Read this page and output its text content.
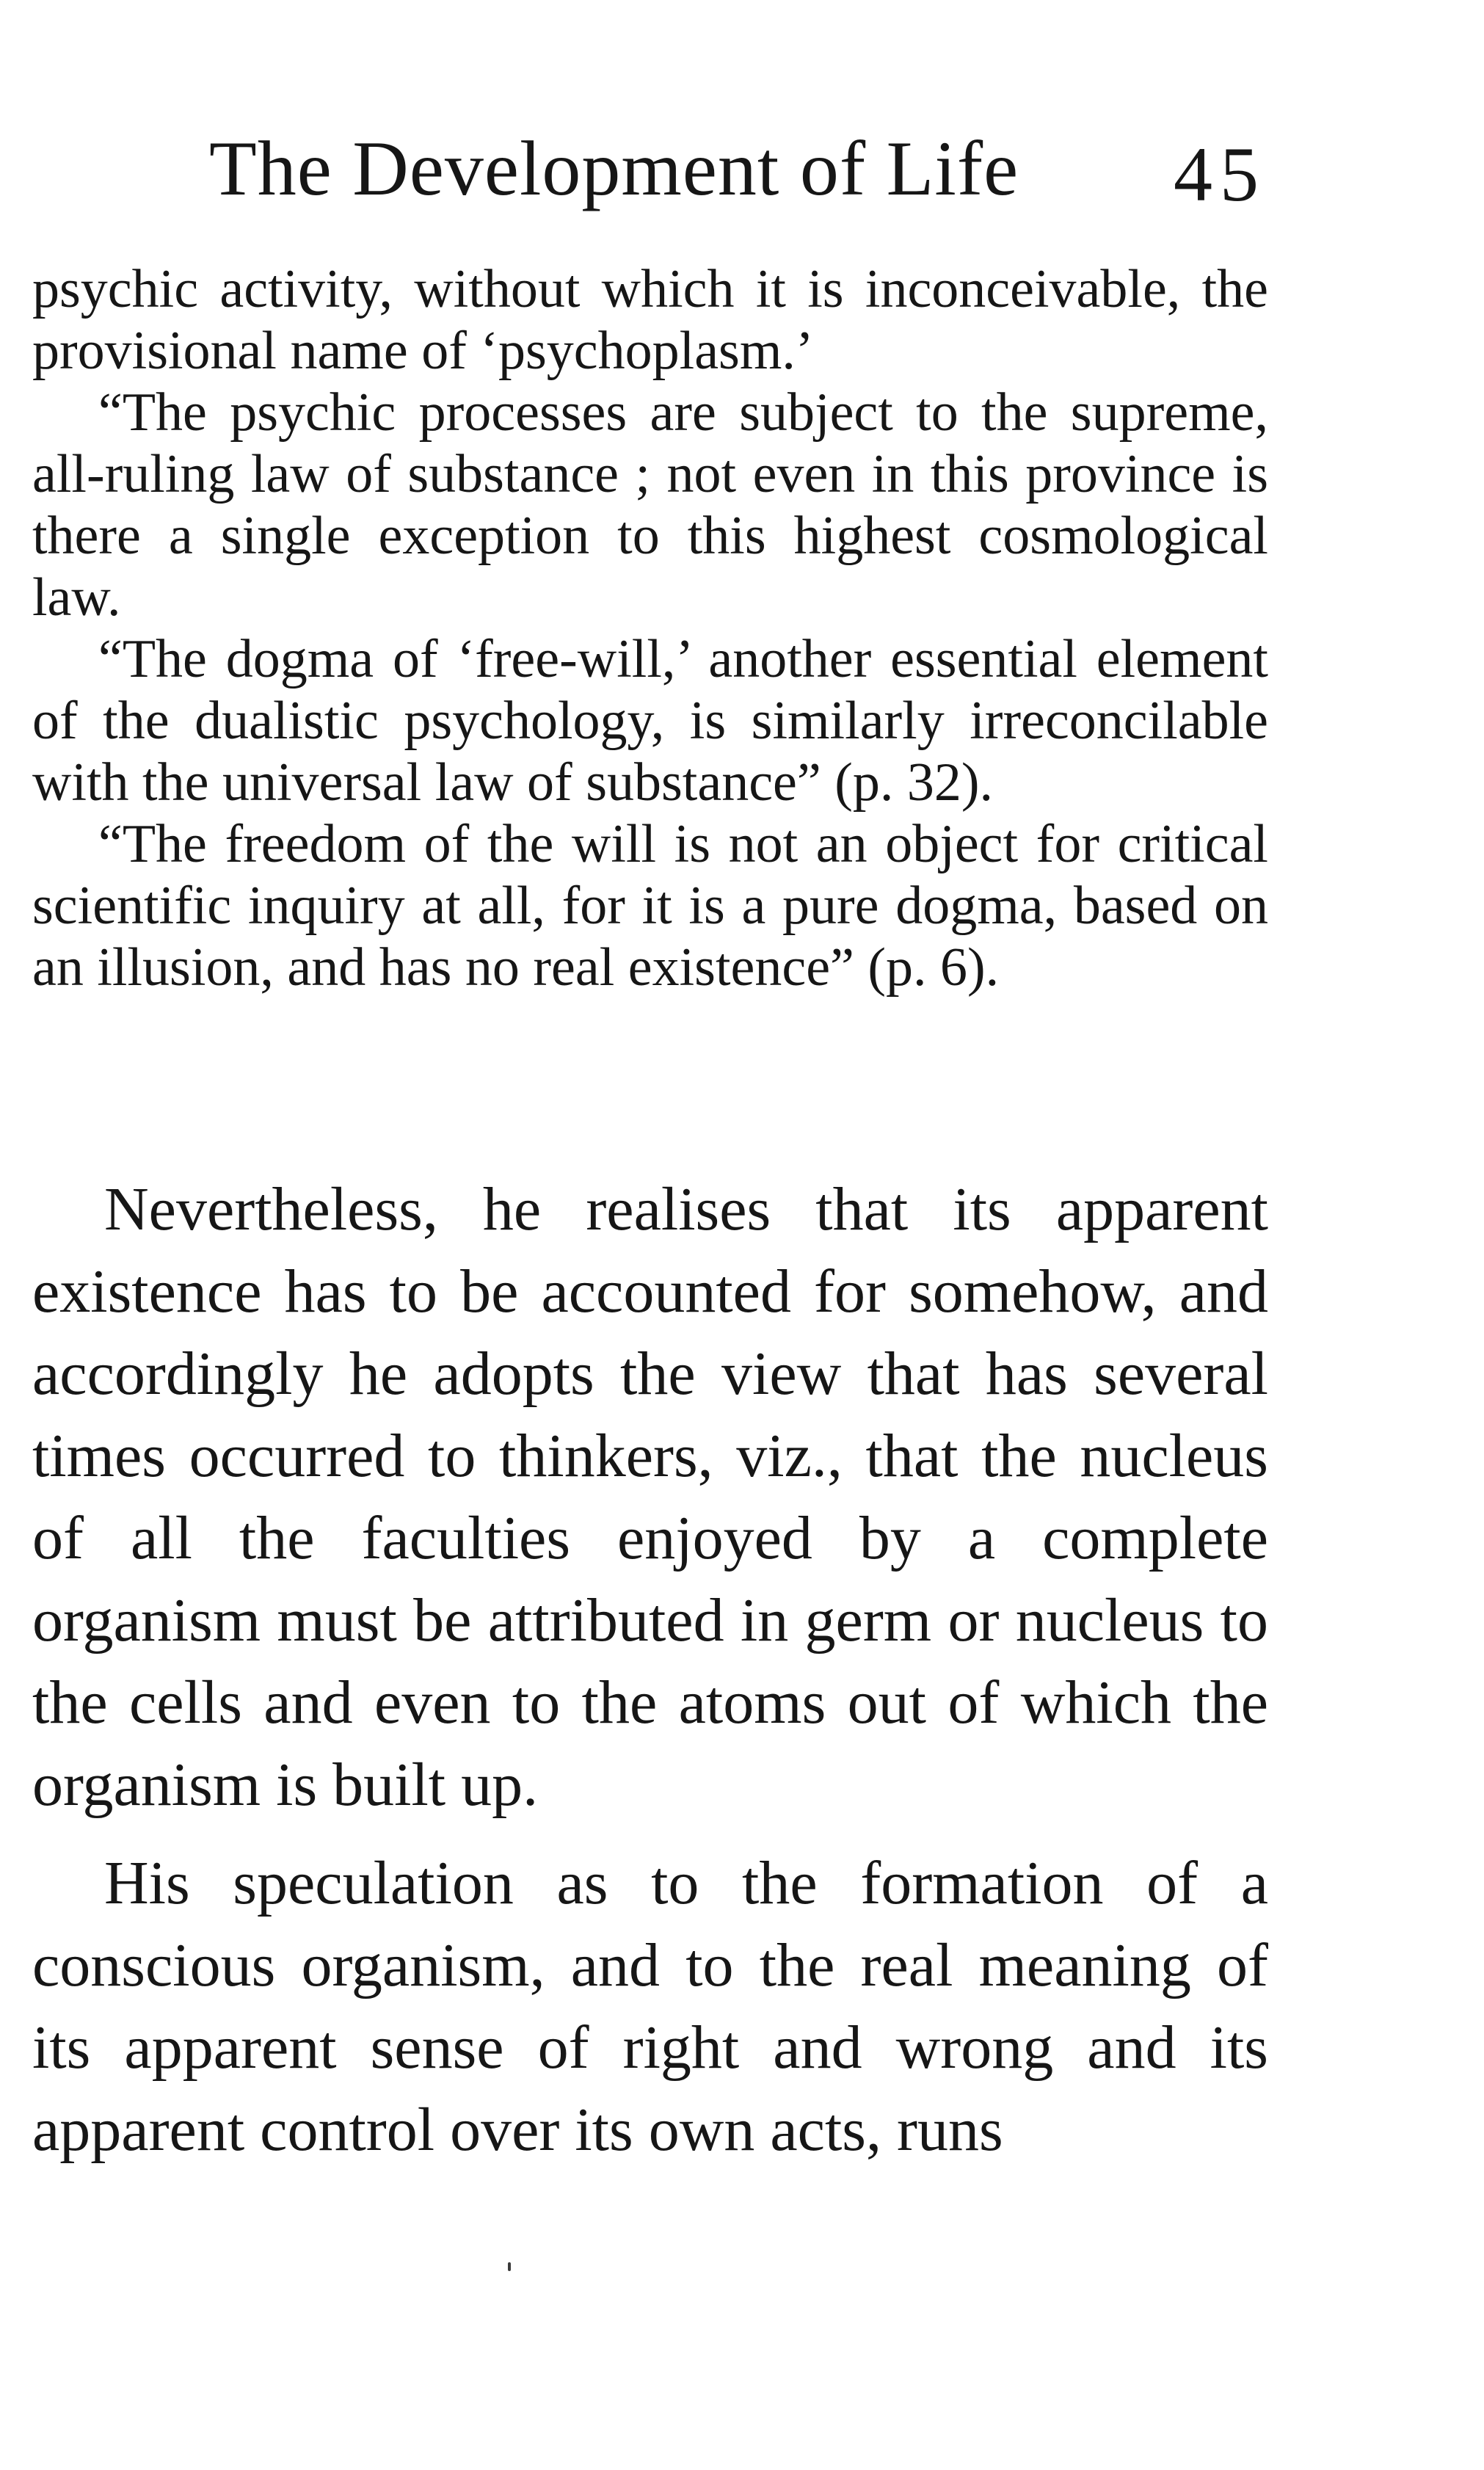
The Development of Life 45

psychic activity, without which it is inconceivable, the provisional name of ‘psychoplasm.’

“The psychic processes are subject to the supreme, all-ruling law of substance ; not even in this province is there a single exception to this highest cosmological law.

“The dogma of ‘free-will,’ another essential element of the dualistic psychology, is similarly irreconcilable with the universal law of substance” (p. 32).

“The freedom of the will is not an object for critical scientific inquiry at all, for it is a pure dogma, based on an illusion, and has no real existence” (p. 6).

Nevertheless, he realises that its apparent existence has to be accounted for somehow, and accordingly he adopts the view that has several times occurred to thinkers, viz., that the nucleus of all the faculties enjoyed by a complete organism must be attributed in germ or nucleus to the cells and even to the atoms out of which the organism is built up.

His speculation as to the formation of a conscious organism, and to the real meaning of its apparent sense of right and wrong and its apparent control over its own acts, runs
